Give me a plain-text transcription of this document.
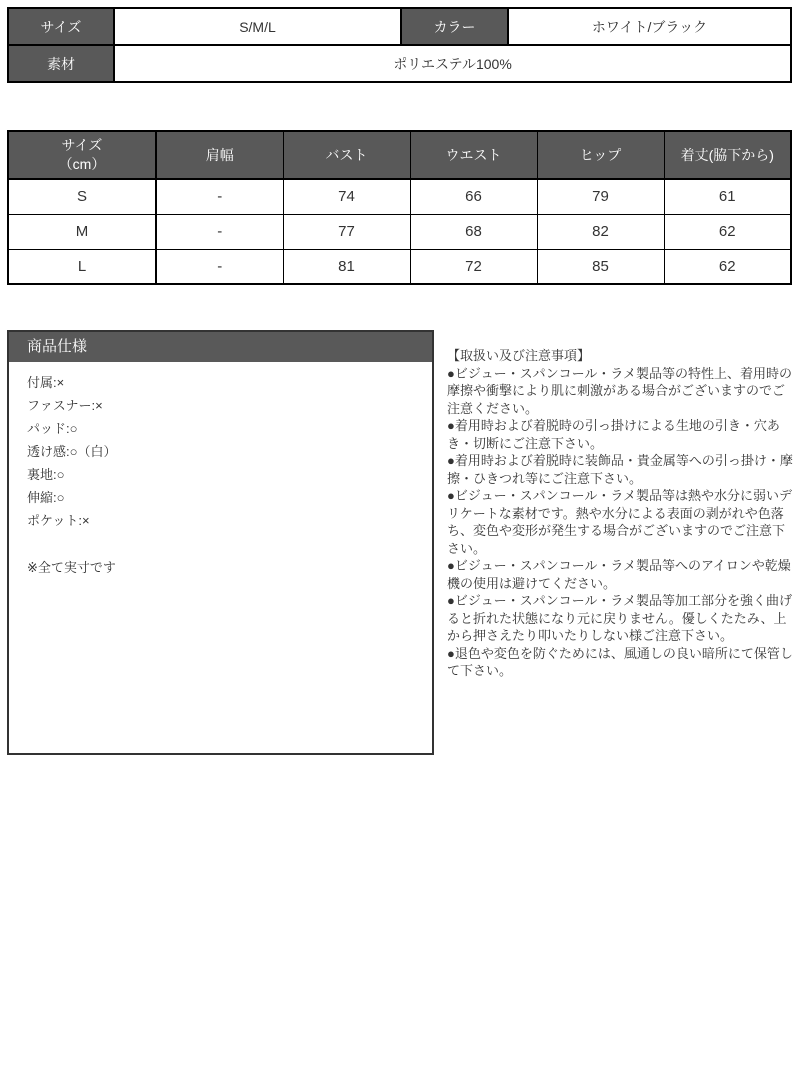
サイズ	S/M/L	カラー	ホワイト/ブラック
素材	ポリエステル100%		
サイズ
（cm）	肩幅	バスト	ウエスト	ヒップ	着丈(脇下から)
S	-	74	66	79	61
M	-	77	68	82	62
L	-	81	72	85	62
商品仕様
付属:×
ファスナー:×
パッド:○
透け感:○（白）
裏地:○
伸縮:○
ポケット:×
※全て実寸です

【取扱い及び注意事項】

●ビジュー・スパンコール・ラメ製品等の特性上、着用時の摩擦や衝撃により肌に刺激がある場合がございますのでご注意ください。

●着用時および着脱時の引っ掛けによる生地の引き・穴あき・切断にご注意下さい。

●着用時および着脱時に装飾品・貴金属等への引っ掛け・摩擦・ひきつれ等にご注意下さい。

●ビジュー・スパンコール・ラメ製品等は熱や水分に弱いデリケートな素材です。熱や水分による表面の剥がれや色落ち、変色や変形が発生する場合がございますのでご注意下さい。

●ビジュー・スパンコール・ラメ製品等へのアイロンや乾燥機の使用は避けてください。

●ビジュー・スパンコール・ラメ製品等加工部分を強く曲げると折れた状態になり元に戻りません。優しくたたみ、上から押さえたり叩いたりしない様ご注意下さい。

●退色や変色を防ぐためには、風通しの良い暗所にて保管して下さい。
